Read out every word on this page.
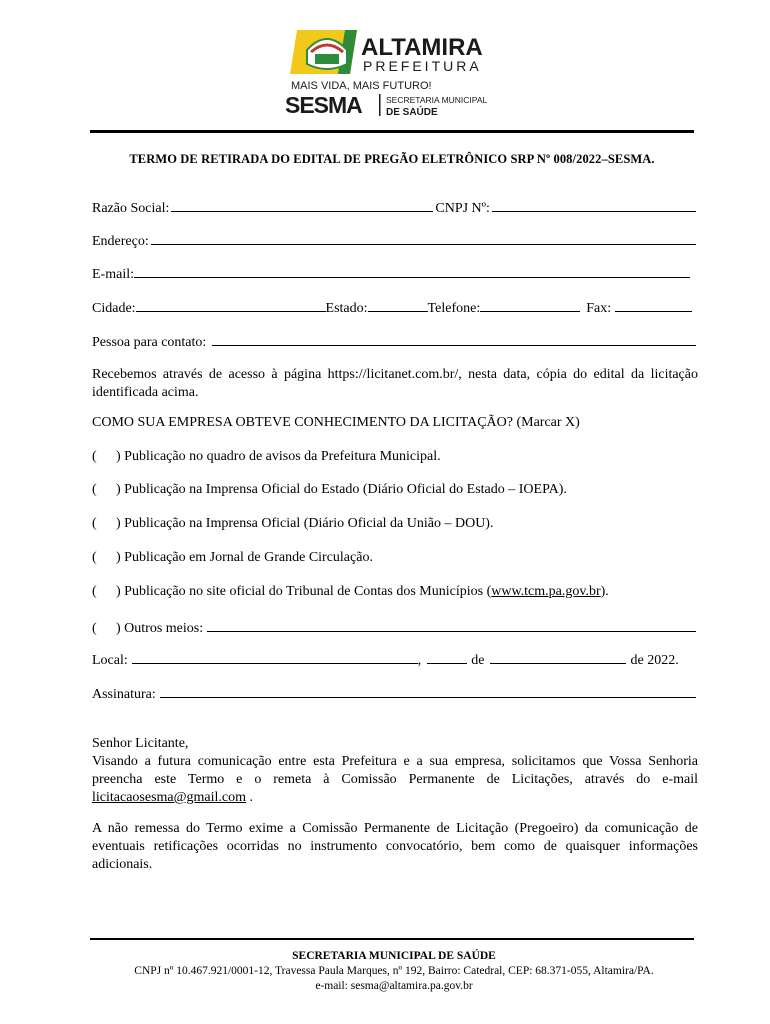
ALTAMIRA
PREFEITURA
MAIS VIDA, MAIS FUTURO!
SESMA	SECRETARIA MUNICIPAL
DE SAÚDE
TERMO DE RETIRADA DO EDITAL DE PREGÃO ELETRÔNICO SRP Nº 008/2022–SESMA.
Razão Social:	CNPJ Nº:
Endereço:
E-mail:
Cidade:	Estado:	Telefone:	Fax:
Pessoa para contato:
Recebemos através de acesso à página https://licitanet.com.br/, nesta data, cópia do edital da licitação identificada acima.
COMO SUA EMPRESA OBTEVE CONHECIMENTO DA LICITAÇÃO? (Marcar X)
( ) Publicação no quadro de avisos da Prefeitura Municipal.
( ) Publicação na Imprensa Oficial do Estado (Diário Oficial do Estado – IOEPA).
( ) Publicação na Imprensa Oficial (Diário Oficial da União – DOU).
( ) Publicação em Jornal de Grande Circulação.
( ) Publicação no site oficial do Tribunal de Contas dos Municípios (www.tcm.pa.gov.br).
(	) Outros meios:
Local:	,	de	de 2022.
Assinatura:
Senhor Licitante,
Visando a futura comunicação entre esta Prefeitura e a sua empresa, solicitamos que Vossa Senhoria preencha este Termo e o remeta à Comissão Permanente de Licitações, através do e-mail licitacaosesma@gmail.com .
A não remessa do Termo exime a Comissão Permanente de Licitação (Pregoeiro) da comunicação de eventuais retificações ocorridas no instrumento convocatório, bem como de quaisquer informações adicionais.
SECRETARIA MUNICIPAL DE SAÚDE
CNPJ nº 10.467.921/0001-12, Travessa Paula Marques, nº 192, Bairro: Catedral, CEP: 68.371-055, Altamira/PA.
e-mail: sesma@altamira.pa.gov.br
